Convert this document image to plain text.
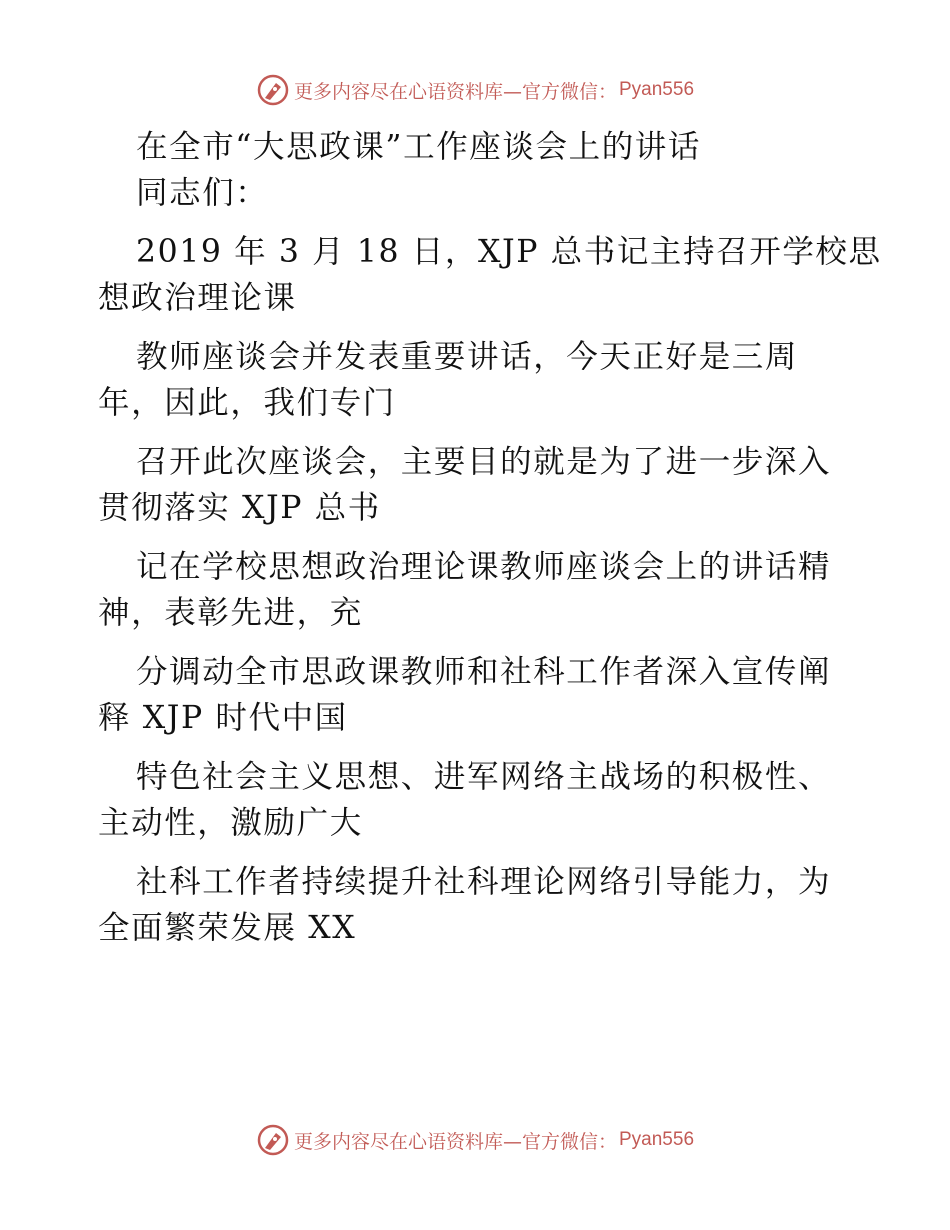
更多内容尽在心语资料库—官方微信： Pyan556
在全市“大思政课”工作座谈会上的讲话
同志们：
2019 年 3 月 18 日，XJP 总书记主持召开学校思
想政治理论课
教师座谈会并发表重要讲话，今天正好是三周
年，因此，我们专门
召开此次座谈会，主要目的就是为了进一步深入
贯彻落实 XJP 总书
记在学校思想政治理论课教师座谈会上的讲话精
神，表彰先进，充
分调动全市思政课教师和社科工作者深入宣传阐
释 XJP 时代中国
特色社会主义思想、进军网络主战场的积极性、
主动性，激励广大
社科工作者持续提升社科理论网络引导能力，为
全面繁荣发展 XX
更多内容尽在心语资料库—官方微信： Pyan556
